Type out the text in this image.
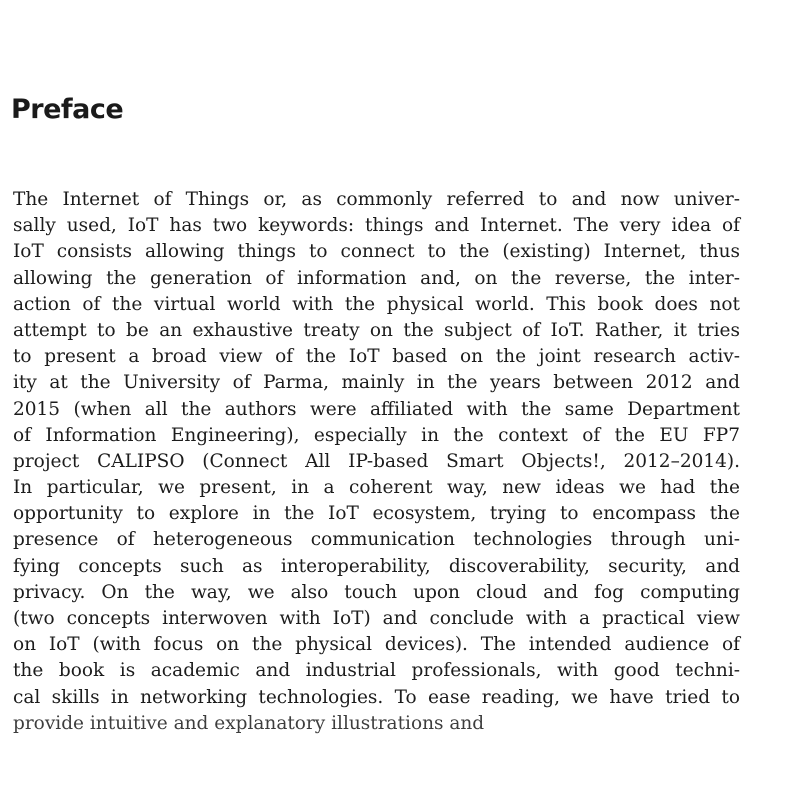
Preface
The Internet of Things or, as commonly referred to and now univer-
sally used, IoT has two keywords: things and Internet. The very idea of
IoT consists allowing things to connect to the (existing) Internet, thus
allowing the generation of information and, on the reverse, the inter-
action of the virtual world with the physical world. This book does not
attempt to be an exhaustive treaty on the subject of IoT. Rather, it tries
to present a broad view of the IoT based on the joint research activ-
ity at the University of Parma, mainly in the years between 2012 and
2015 (when all the authors were affiliated with the same Department
of Information Engineering), especially in the context of the EU FP7
project CALIPSO (Connect All IP-based Smart Objects!, 2012–2014).
In particular, we present, in a coherent way, new ideas we had the
opportunity to explore in the IoT ecosystem, trying to encompass the
presence of heterogeneous communication technologies through uni-
fying concepts such as interoperability, discoverability, security, and
privacy. On the way, we also touch upon cloud and fog computing
(two concepts interwoven with IoT) and conclude with a practical view
on IoT (with focus on the physical devices). The intended audience of
the book is academic and industrial professionals, with good techni-
cal skills in networking technologies. To ease reading, we have tried to
provide intuitive and explanatory illustrations and
